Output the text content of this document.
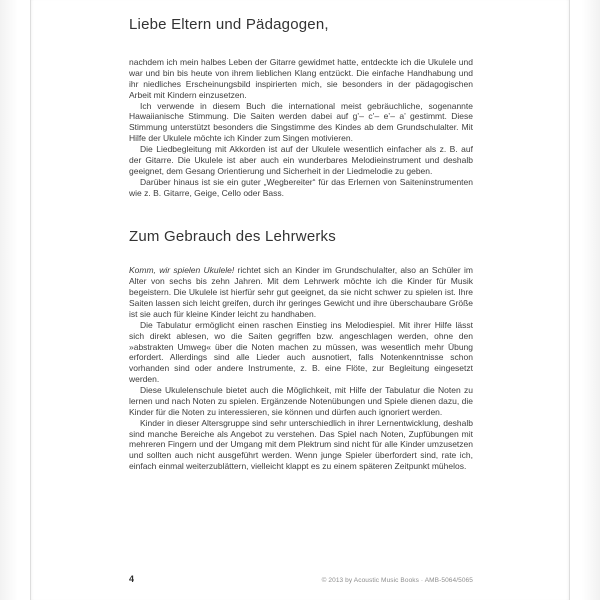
Liebe Eltern und Pädagogen,

nachdem ich mein halbes Leben der Gitarre gewidmet hatte, entdeckte ich die Ukulele und war und bin bis heute von ihrem lieblichen Klang entzückt. Die einfache Handhabung und ihr niedliches Erscheinungsbild inspirierten mich, sie besonders in der pädagogischen Arbeit mit Kindern einzusetzen.

Ich verwende in diesem Buch die international meist gebräuchliche, sogenannte Hawaiianische Stimmung. Die Saiten werden dabei auf g’– c’– e’– a’ gestimmt. Diese Stimmung unterstützt besonders die Singstimme des Kindes ab dem Grundschulalter. Mit Hilfe der Ukulele möchte ich Kinder zum Singen motivieren.

Die Liedbegleitung mit Akkorden ist auf der Ukulele wesentlich einfacher als z. B. auf der Gitarre. Die Ukulele ist aber auch ein wunderbares Melodieinstrument und deshalb geeignet, dem Gesang Orientierung und Sicherheit in der Liedmelodie zu geben.

Darüber hinaus ist sie ein guter „Wegbereiter“ für das Erlernen von Saiteninstrumenten wie z. B. Gitarre, Geige, Cello oder Bass.

Zum Gebrauch des Lehrwerks

Komm, wir spielen Ukulele! richtet sich an Kinder im Grundschulalter, also an Schüler im Alter von sechs bis zehn Jahren. Mit dem Lehrwerk möchte ich die Kinder für Musik begeistern. Die Ukulele ist hierfür sehr gut geeignet, da sie nicht schwer zu spielen ist. Ihre Saiten lassen sich leicht greifen, durch ihr geringes Gewicht und ihre überschaubare Größe ist sie auch für kleine Kinder leicht zu handhaben.

Die Tabulatur ermöglicht einen raschen Einstieg ins Melodiespiel. Mit ihrer Hilfe lässt sich direkt ablesen, wo die Saiten gegriffen bzw. angeschlagen werden, ohne den »abstrakten Umweg« über die Noten machen zu müssen, was wesentlich mehr Übung erfordert. Allerdings sind alle Lieder auch ausnotiert, falls Notenkenntnisse schon vorhanden sind oder andere Instrumente, z. B. eine Flöte, zur Begleitung eingesetzt werden.

Diese Ukulelenschule bietet auch die Möglichkeit, mit Hilfe der Tabulatur die Noten zu lernen und nach Noten zu spielen. Ergänzende Notenübungen und Spiele dienen dazu, die Kinder für die Noten zu interessieren, sie können und dürfen auch ignoriert werden.

Kinder in dieser Altersgruppe sind sehr unterschiedlich in ihrer Lernentwicklung, deshalb sind manche Bereiche als Angebot zu verstehen. Das Spiel nach Noten, Zupfübungen mit mehreren Fingern und der Umgang mit dem Plektrum sind nicht für alle Kinder umzusetzen und sollten auch nicht ausgeführt werden. Wenn junge Spieler überfordert sind, rate ich, einfach einmal weiterzublättern, vielleicht klappt es zu einem späteren Zeitpunkt mühelos.

4	© 2013 by Acoustic Music Books · AMB-5064/5065
